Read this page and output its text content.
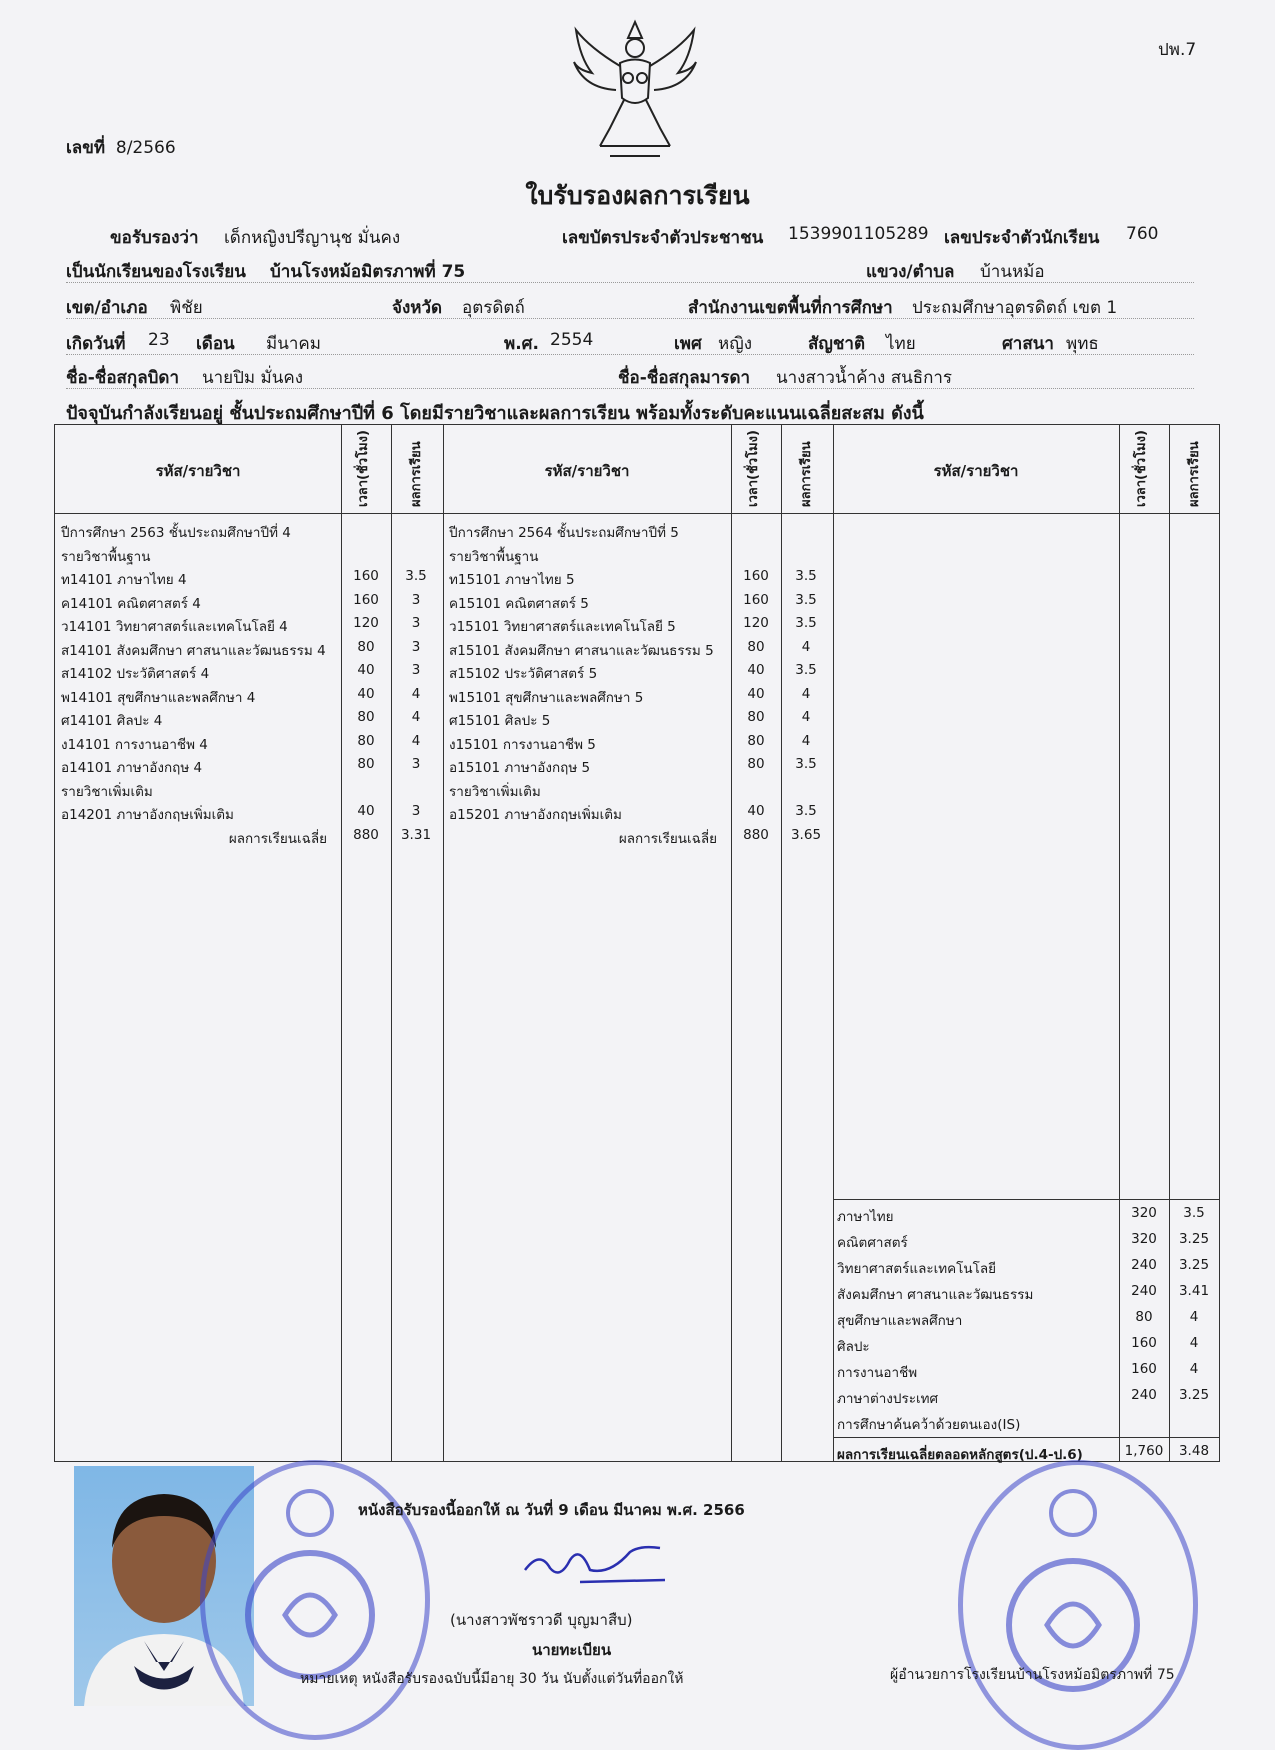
ปพ.7
เลขที่ 8/2566
ใบรับรองผลการเรียน
ขอรับรองว่า เด็กหญิงปรีญานุช มั่นคง	เลขบัตรประจำตัวประชาชน 1539901105289 เลขประจำตัวนักเรียน 760
เป็นนักเรียนของโรงเรียน บ้านโรงหม้อมิตรภาพที่ 75	แขวง/ตำบล บ้านหม้อ
เขต/อำเภอ พิชัย	จังหวัด อุตรดิตถ์	สำนักงานเขตพื้นที่การศึกษา ประถมศึกษาอุตรดิตถ์ เขต 1
เกิดวันที่ 23 เดือน มีนาคม	พ.ศ. 2554	เพศ หญิง	สัญชาติ ไทย	ศาสนา พุทธ
ชื่อ-ชื่อสกุลบิดา นายปิม มั่นคง	ชื่อ-ชื่อสกุลมารดา นางสาวน้ำค้าง สนธิการ
ปัจจุบันกำลังเรียนอยู่ ชั้นประถมศึกษาปีที่ 6 โดยมีรายวิชาและผลการเรียน พร้อมทั้งระดับคะแนนเฉลี่ยสะสม ดังนี้
รหัส/รายวิชา	เวลา(ชั่วโมง)	ผลการเรียน	รหัส/รายวิชา	เวลา(ชั่วโมง)	ผลการเรียน	รหัส/รายวิชา	เวลา(ชั่วโมง)	ผลการเรียน
ผลการเรียนเฉลี่ยตลอดหลักสูตร(ป.4-ป.6)	1,760	3.48
ปีการศึกษา 2563 ชั้นประถมศึกษาปีที่ 4
รายวิชาพื้นฐาน
ท14101 ภาษาไทย 4	160	3.5
ค14101 คณิตศาสตร์ 4	160	3
ว14101 วิทยาศาสตร์และเทคโนโลยี 4	120	3
ส14101 สังคมศึกษา ศาสนาและวัฒนธรรม 4	80	3
ส14102 ประวัติศาสตร์ 4	40	3
พ14101 สุขศึกษาและพลศึกษา 4	40	4
ศ14101 ศิลปะ 4	80	4
ง14101 การงานอาชีพ 4	80	4
อ14101 ภาษาอังกฤษ 4	80	3
รายวิชาเพิ่มเติม
อ14201 ภาษาอังกฤษเพิ่มเติม	40	3
ผลการเรียนเฉลี่ย	880	3.31
ปีการศึกษา 2564 ชั้นประถมศึกษาปีที่ 5
รายวิชาพื้นฐาน
ท15101 ภาษาไทย 5	160	3.5
ค15101 คณิตศาสตร์ 5	160	3.5
ว15101 วิทยาศาสตร์และเทคโนโลยี 5	120	3.5
ส15101 สังคมศึกษา ศาสนาและวัฒนธรรม 5	80	4
ส15102 ประวัติศาสตร์ 5	40	3.5
พ15101 สุขศึกษาและพลศึกษา 5	40	4
ศ15101 ศิลปะ 5	80	4
ง15101 การงานอาชีพ 5	80	4
อ15101 ภาษาอังกฤษ 5	80	3.5
รายวิชาเพิ่มเติม
อ15201 ภาษาอังกฤษเพิ่มเติม	40	3.5
ผลการเรียนเฉลี่ย	880	3.65
ภาษาไทย	320	3.5
คณิตศาสตร์	320	3.25
วิทยาศาสตร์และเทคโนโลยี	240	3.25
สังคมศึกษา ศาสนาและวัฒนธรรม	240	3.41
สุขศึกษาและพลศึกษา	80	4
ศิลปะ	160	4
การงานอาชีพ	160	4
ภาษาต่างประเทศ	240	3.25
การศึกษาค้นคว้าด้วยตนเอง(IS)
หนังสือรับรองนี้ออกให้ ณ วันที่ 9 เดือน มีนาคม พ.ศ. 2566
(นางสาวพัชราวดี บุญมาสืบ)
นายทะเบียน
หมายเหตุ หนังสือรับรองฉบับนี้มีอายุ 30 วัน นับตั้งแต่วันที่ออกให้	ผู้อำนวยการโรงเรียนบ้านโรงหม้อมิตรภาพที่ 75
